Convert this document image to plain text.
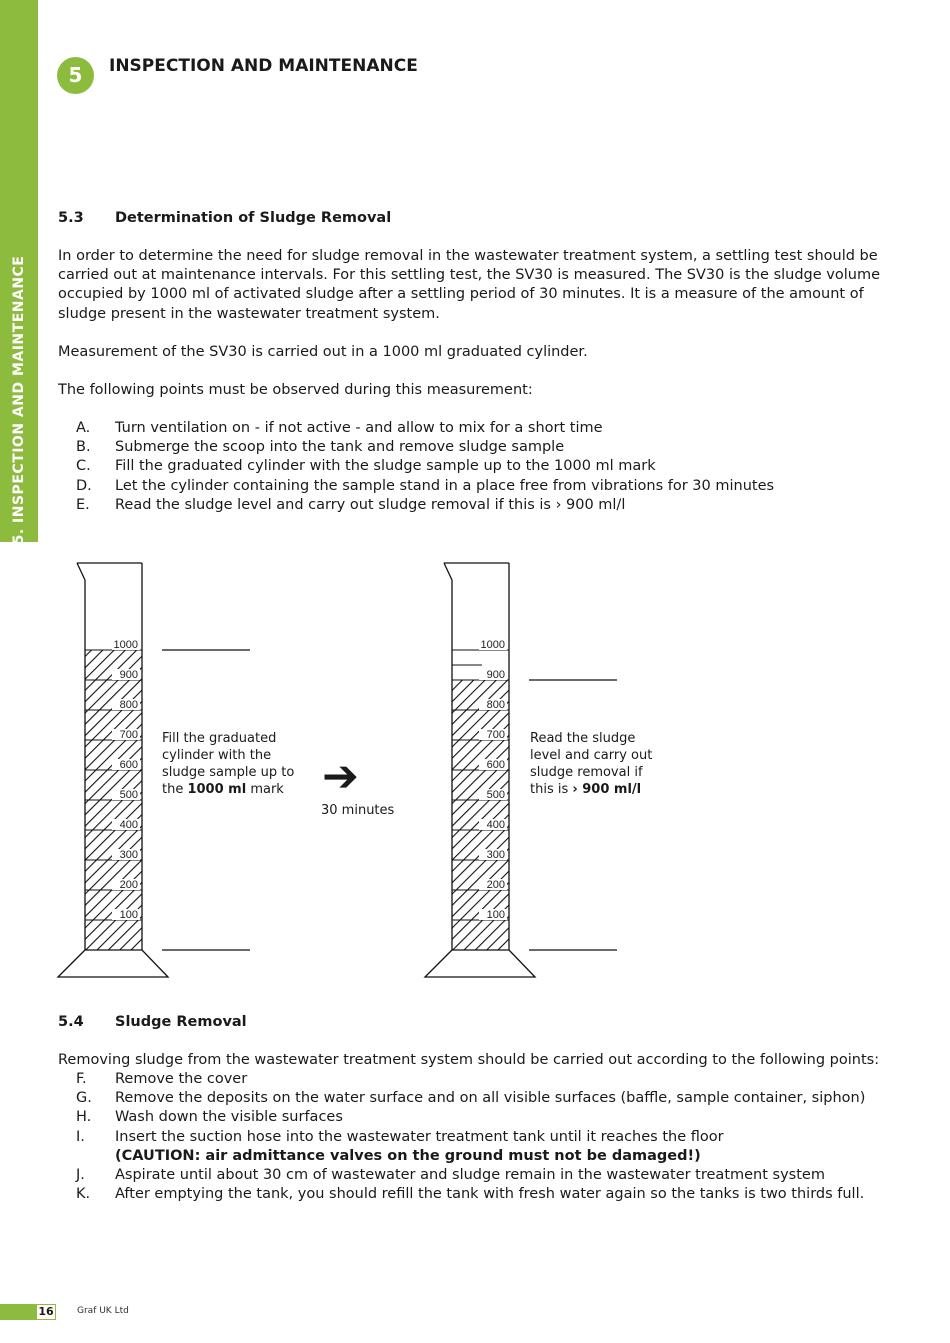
5. INSPECTION AND MAINTENANCE
5	INSPECTION AND MAINTENANCE
5.3 Determination of Sludge Removal
In order to determine the need for sludge removal in the wastewater treatment system, a settling test should be carried out at maintenance intervals. For this settling test, the SV30 is measured. The SV30 is the sludge volume occupied by 1000 ml of activated sludge after a settling period of 30 minutes. It is a measure of the amount of sludge present in the wastewater treatment system.
Measurement of the SV30 is carried out in a 1000 ml graduated cylinder.
The following points must be observed during this measurement:
A. Turn ventilation on - if not active - and allow to mix for a short time
B. Submerge the scoop into the tank and remove sludge sample
C. Fill the graduated cylinder with the sludge sample up to the 1000 ml mark
D. Let the cylinder containing the sample stand in a place free from vibrations for 30 minutes
E. Read the sludge level and carry out sludge removal if this is › 900 ml/l
1000
900
800
700
600
500
400
300
200
100
1000
900
800
700
600
500
400
300
200
100
Fill the graduated cylinder with the sludge sample up to the 1000 ml mark ➔
30 minutes
Read the sludge level and carry out sludge removal if this is › 900 ml/l
5.4 Sludge Removal
Removing sludge from the wastewater treatment system should be carried out according to the following points:
F. Remove the cover
G. Remove the deposits on the water surface and on all visible surfaces (baffle, sample container, siphon)
H. Wash down the visible surfaces
I. Insert the suction hose into the wastewater treatment tank until it reaches the floor
(CAUTION: air admittance valves on the ground must not be damaged!)
J. Aspirate until about 30 cm of wastewater and sludge remain in the wastewater treatment system
K. After emptying the tank, you should refill the tank with fresh water again so the tanks is two thirds full.
16	Graf UK Ltd
